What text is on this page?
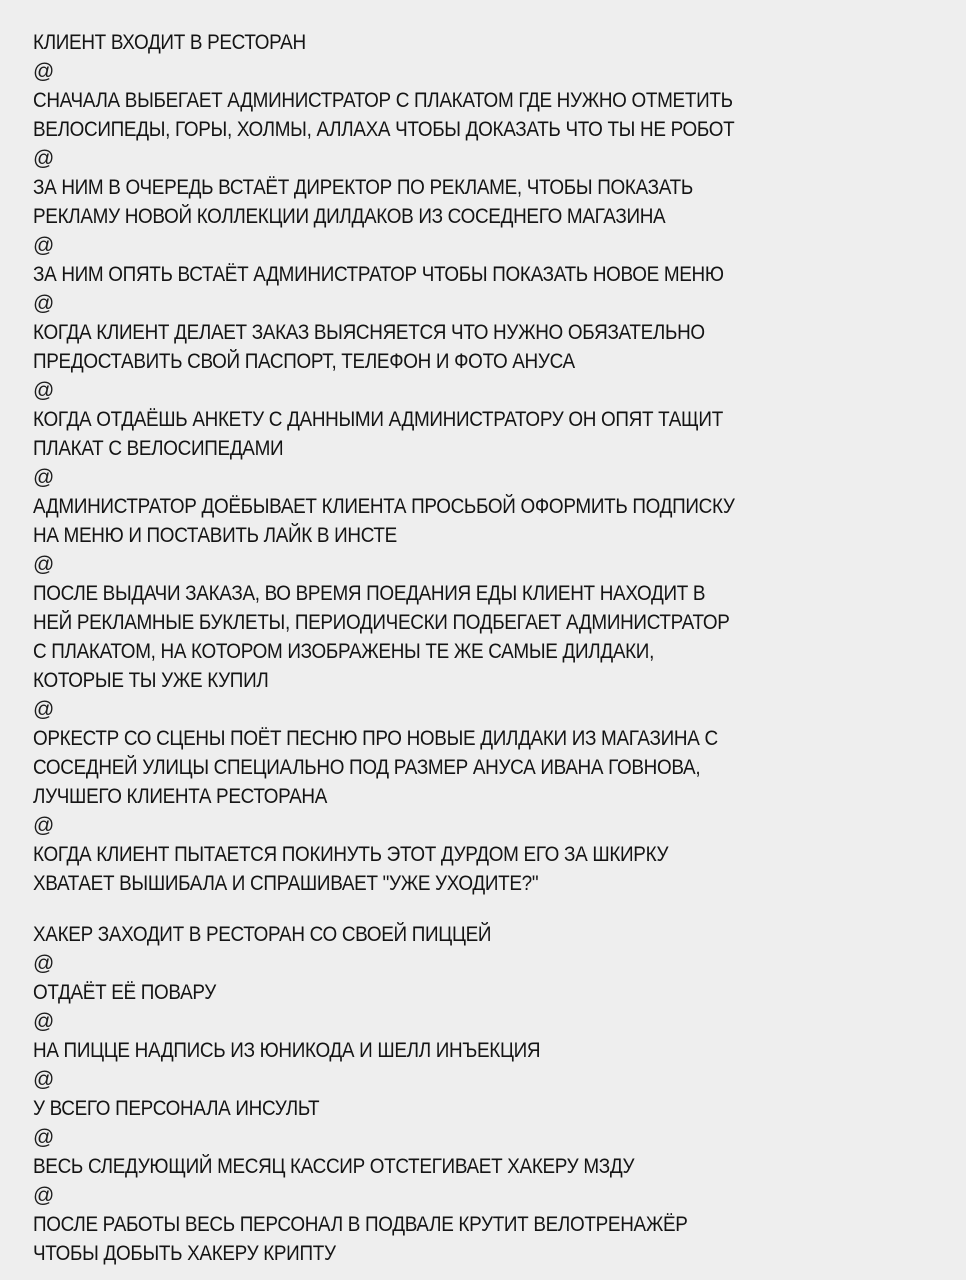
КЛИЕНТ ВХОДИТ В РЕСТОРАН
@
СНАЧАЛА ВЫБЕГАЕТ АДМИНИСТРАТОР С ПЛАКАТОМ ГДЕ НУЖНО ОТМЕТИТЬ
ВЕЛОСИПЕДЫ, ГОРЫ, ХОЛМЫ, АЛЛАХА ЧТОБЫ ДОКАЗАТЬ ЧТО ТЫ НЕ РОБОТ
@
ЗА НИМ В ОЧЕРЕДЬ ВСТАЁТ ДИРЕКТОР ПО РЕКЛАМЕ, ЧТОБЫ ПОКАЗАТЬ
РЕКЛАМУ НОВОЙ КОЛЛЕКЦИИ ДИЛДАКОВ ИЗ СОСЕДНЕГО МАГАЗИНА
@
ЗА НИМ ОПЯТЬ ВСТАЁТ АДМИНИСТРАТОР ЧТОБЫ ПОКАЗАТЬ НОВОЕ МЕНЮ
@
КОГДА КЛИЕНТ ДЕЛАЕТ ЗАКАЗ ВЫЯСНЯЕТСЯ ЧТО НУЖНО ОБЯЗАТЕЛЬНО
ПРЕДОСТАВИТЬ СВОЙ ПАСПОРТ, ТЕЛЕФОН И ФОТО АНУСА
@
КОГДА ОТДАЁШЬ АНКЕТУ С ДАННЫМИ АДМИНИСТРАТОРУ ОН ОПЯТ ТАЩИТ
ПЛАКАТ С ВЕЛОСИПЕДАМИ
@
АДМИНИСТРАТОР ДОЁБЫВАЕТ КЛИЕНТА ПРОСЬБОЙ ОФОРМИТЬ ПОДПИСКУ
НА МЕНЮ И ПОСТАВИТЬ ЛАЙК В ИНСТЕ
@
ПОСЛЕ ВЫДАЧИ ЗАКАЗА, ВО ВРЕМЯ ПОЕДАНИЯ ЕДЫ КЛИЕНТ НАХОДИТ В
НЕЙ РЕКЛАМНЫЕ БУКЛЕТЫ, ПЕРИОДИЧЕСКИ ПОДБЕГАЕТ АДМИНИСТРАТОР
С ПЛАКАТОМ, НА КОТОРОМ ИЗОБРАЖЕНЫ ТЕ ЖЕ САМЫЕ ДИЛДАКИ,
КОТОРЫЕ ТЫ УЖЕ КУПИЛ
@
ОРКЕСТР СО СЦЕНЫ ПОЁТ ПЕСНЮ ПРО НОВЫЕ ДИЛДАКИ ИЗ МАГАЗИНА С
СОСЕДНЕЙ УЛИЦЫ СПЕЦИАЛЬНО ПОД РАЗМЕР АНУСА ИВАНА ГОВНОВА,
ЛУЧШЕГО КЛИЕНТА РЕСТОРАНА
@
КОГДА КЛИЕНТ ПЫТАЕТСЯ ПОКИНУТЬ ЭТОТ ДУРДОМ ЕГО ЗА ШКИРКУ
ХВАТАЕТ ВЫШИБАЛА И СПРАШИВАЕТ "УЖЕ УХОДИТЕ?"
ХАКЕР ЗАХОДИТ В РЕСТОРАН СО СВОЕЙ ПИЦЦЕЙ
@
ОТДАЁТ ЕЁ ПОВАРУ
@
НА ПИЦЦЕ НАДПИСЬ ИЗ ЮНИКОДА И ШЕЛЛ ИНЪЕКЦИЯ
@
У ВСЕГО ПЕРСОНАЛА ИНСУЛЬТ
@
ВЕСЬ СЛЕДУЮЩИЙ МЕСЯЦ КАССИР ОТСТЕГИВАЕТ ХАКЕРУ МЗДУ
@
ПОСЛЕ РАБОТЫ ВЕСЬ ПЕРСОНАЛ В ПОДВАЛЕ КРУТИТ ВЕЛОТРЕНАЖЁР
ЧТОБЫ ДОБЫТЬ ХАКЕРУ КРИПТУ
